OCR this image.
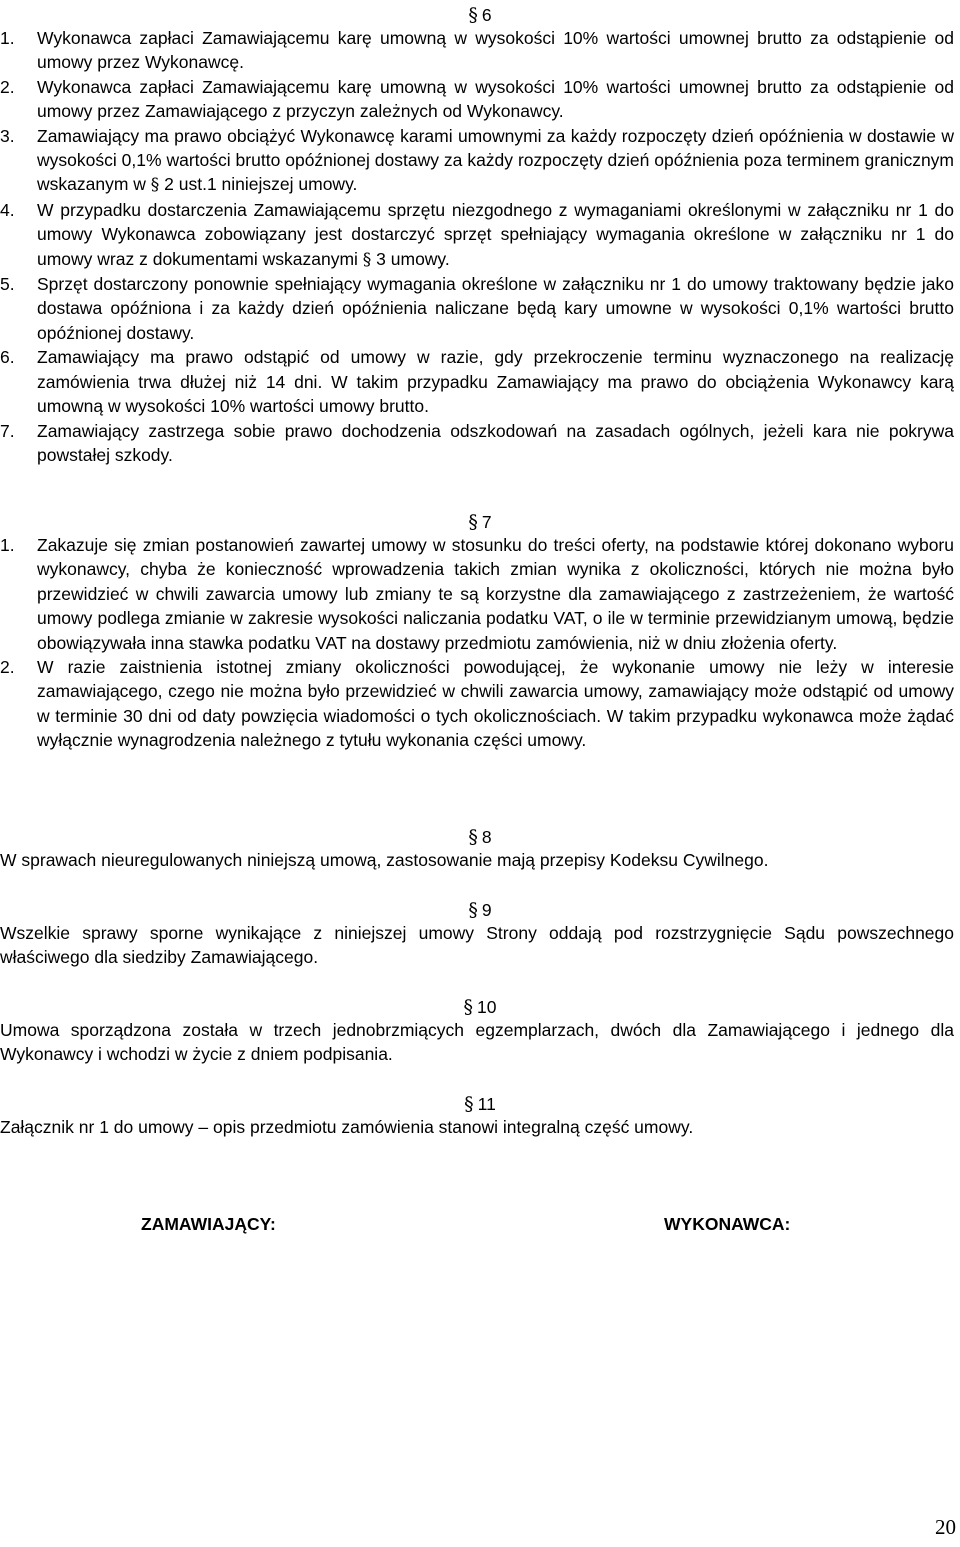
§ 6
1. Wykonawca zapłaci Zamawiającemu karę umowną w wysokości 10% wartości umownej brutto za odstąpienie od umowy przez Wykonawcę.
2. Wykonawca zapłaci Zamawiającemu karę umowną w wysokości 10% wartości umownej brutto za odstąpienie od umowy przez Zamawiającego z przyczyn zależnych od Wykonawcy.
3. Zamawiający ma prawo obciążyć Wykonawcę karami umownymi za każdy rozpoczęty dzień opóźnienia w dostawie w wysokości 0,1% wartości brutto opóźnionej dostawy za każdy rozpoczęty dzień opóźnienia poza terminem granicznym wskazanym w § 2 ust.1 niniejszej umowy.
4. W przypadku dostarczenia Zamawiającemu sprzętu niezgodnego z wymaganiami określonymi w załączniku nr 1 do umowy Wykonawca zobowiązany jest dostarczyć sprzęt spełniający wymagania określone w załączniku nr 1 do umowy wraz z dokumentami wskazanymi § 3 umowy.
5. Sprzęt dostarczony ponownie spełniający wymagania określone w załączniku nr 1 do umowy traktowany będzie jako dostawa opóźniona i za każdy dzień opóźnienia naliczane będą kary umowne w wysokości 0,1% wartości brutto opóźnionej dostawy.
6. Zamawiający ma prawo odstąpić od umowy w razie, gdy przekroczenie terminu wyznaczonego na realizację zamówienia trwa dłużej niż 14 dni. W takim przypadku Zamawiający ma prawo do obciążenia Wykonawcy karą umowną w wysokości 10% wartości umowy brutto.
7. Zamawiający zastrzega sobie prawo dochodzenia odszkodowań na zasadach ogólnych, jeżeli kara nie pokrywa powstałej szkody.
§ 7
1. Zakazuje się zmian postanowień zawartej umowy w stosunku do treści oferty, na podstawie której dokonano wyboru wykonawcy, chyba że konieczność wprowadzenia takich zmian wynika z okoliczności, których nie można było przewidzieć w chwili zawarcia umowy lub zmiany te są korzystne dla zamawiającego z zastrzeżeniem, że wartość umowy podlega zmianie w zakresie wysokości naliczania podatku VAT, o ile w terminie przewidzianym umową, będzie obowiązywała inna stawka podatku VAT na dostawy przedmiotu zamówienia, niż w dniu złożenia oferty.
2. W razie zaistnienia istotnej zmiany okoliczności powodującej, że wykonanie umowy nie leży w interesie zamawiającego, czego nie można było przewidzieć w chwili zawarcia umowy, zamawiający może odstąpić od umowy w terminie 30 dni od daty powzięcia wiadomości o tych okolicznościach. W takim przypadku wykonawca może żądać wyłącznie wynagrodzenia należnego z tytułu wykonania części umowy.
§ 8

W sprawach nieuregulowanych niniejszą umową, zastosowanie mają przepisy Kodeksu Cywilnego.

§ 9

Wszelkie sprawy sporne wynikające z niniejszej umowy Strony oddają pod rozstrzygnięcie Sądu powszechnego właściwego dla siedziby Zamawiającego.

§ 10

Umowa sporządzona została w trzech jednobrzmiących egzemplarzach, dwóch dla Zamawiającego i jednego dla Wykonawcy i wchodzi w życie z dniem podpisania.

§ 11

Załącznik nr 1 do umowy – opis przedmiotu zamówienia stanowi integralną część umowy.

ZAMAWIAJĄCY:	WYKONAWCA:
20
